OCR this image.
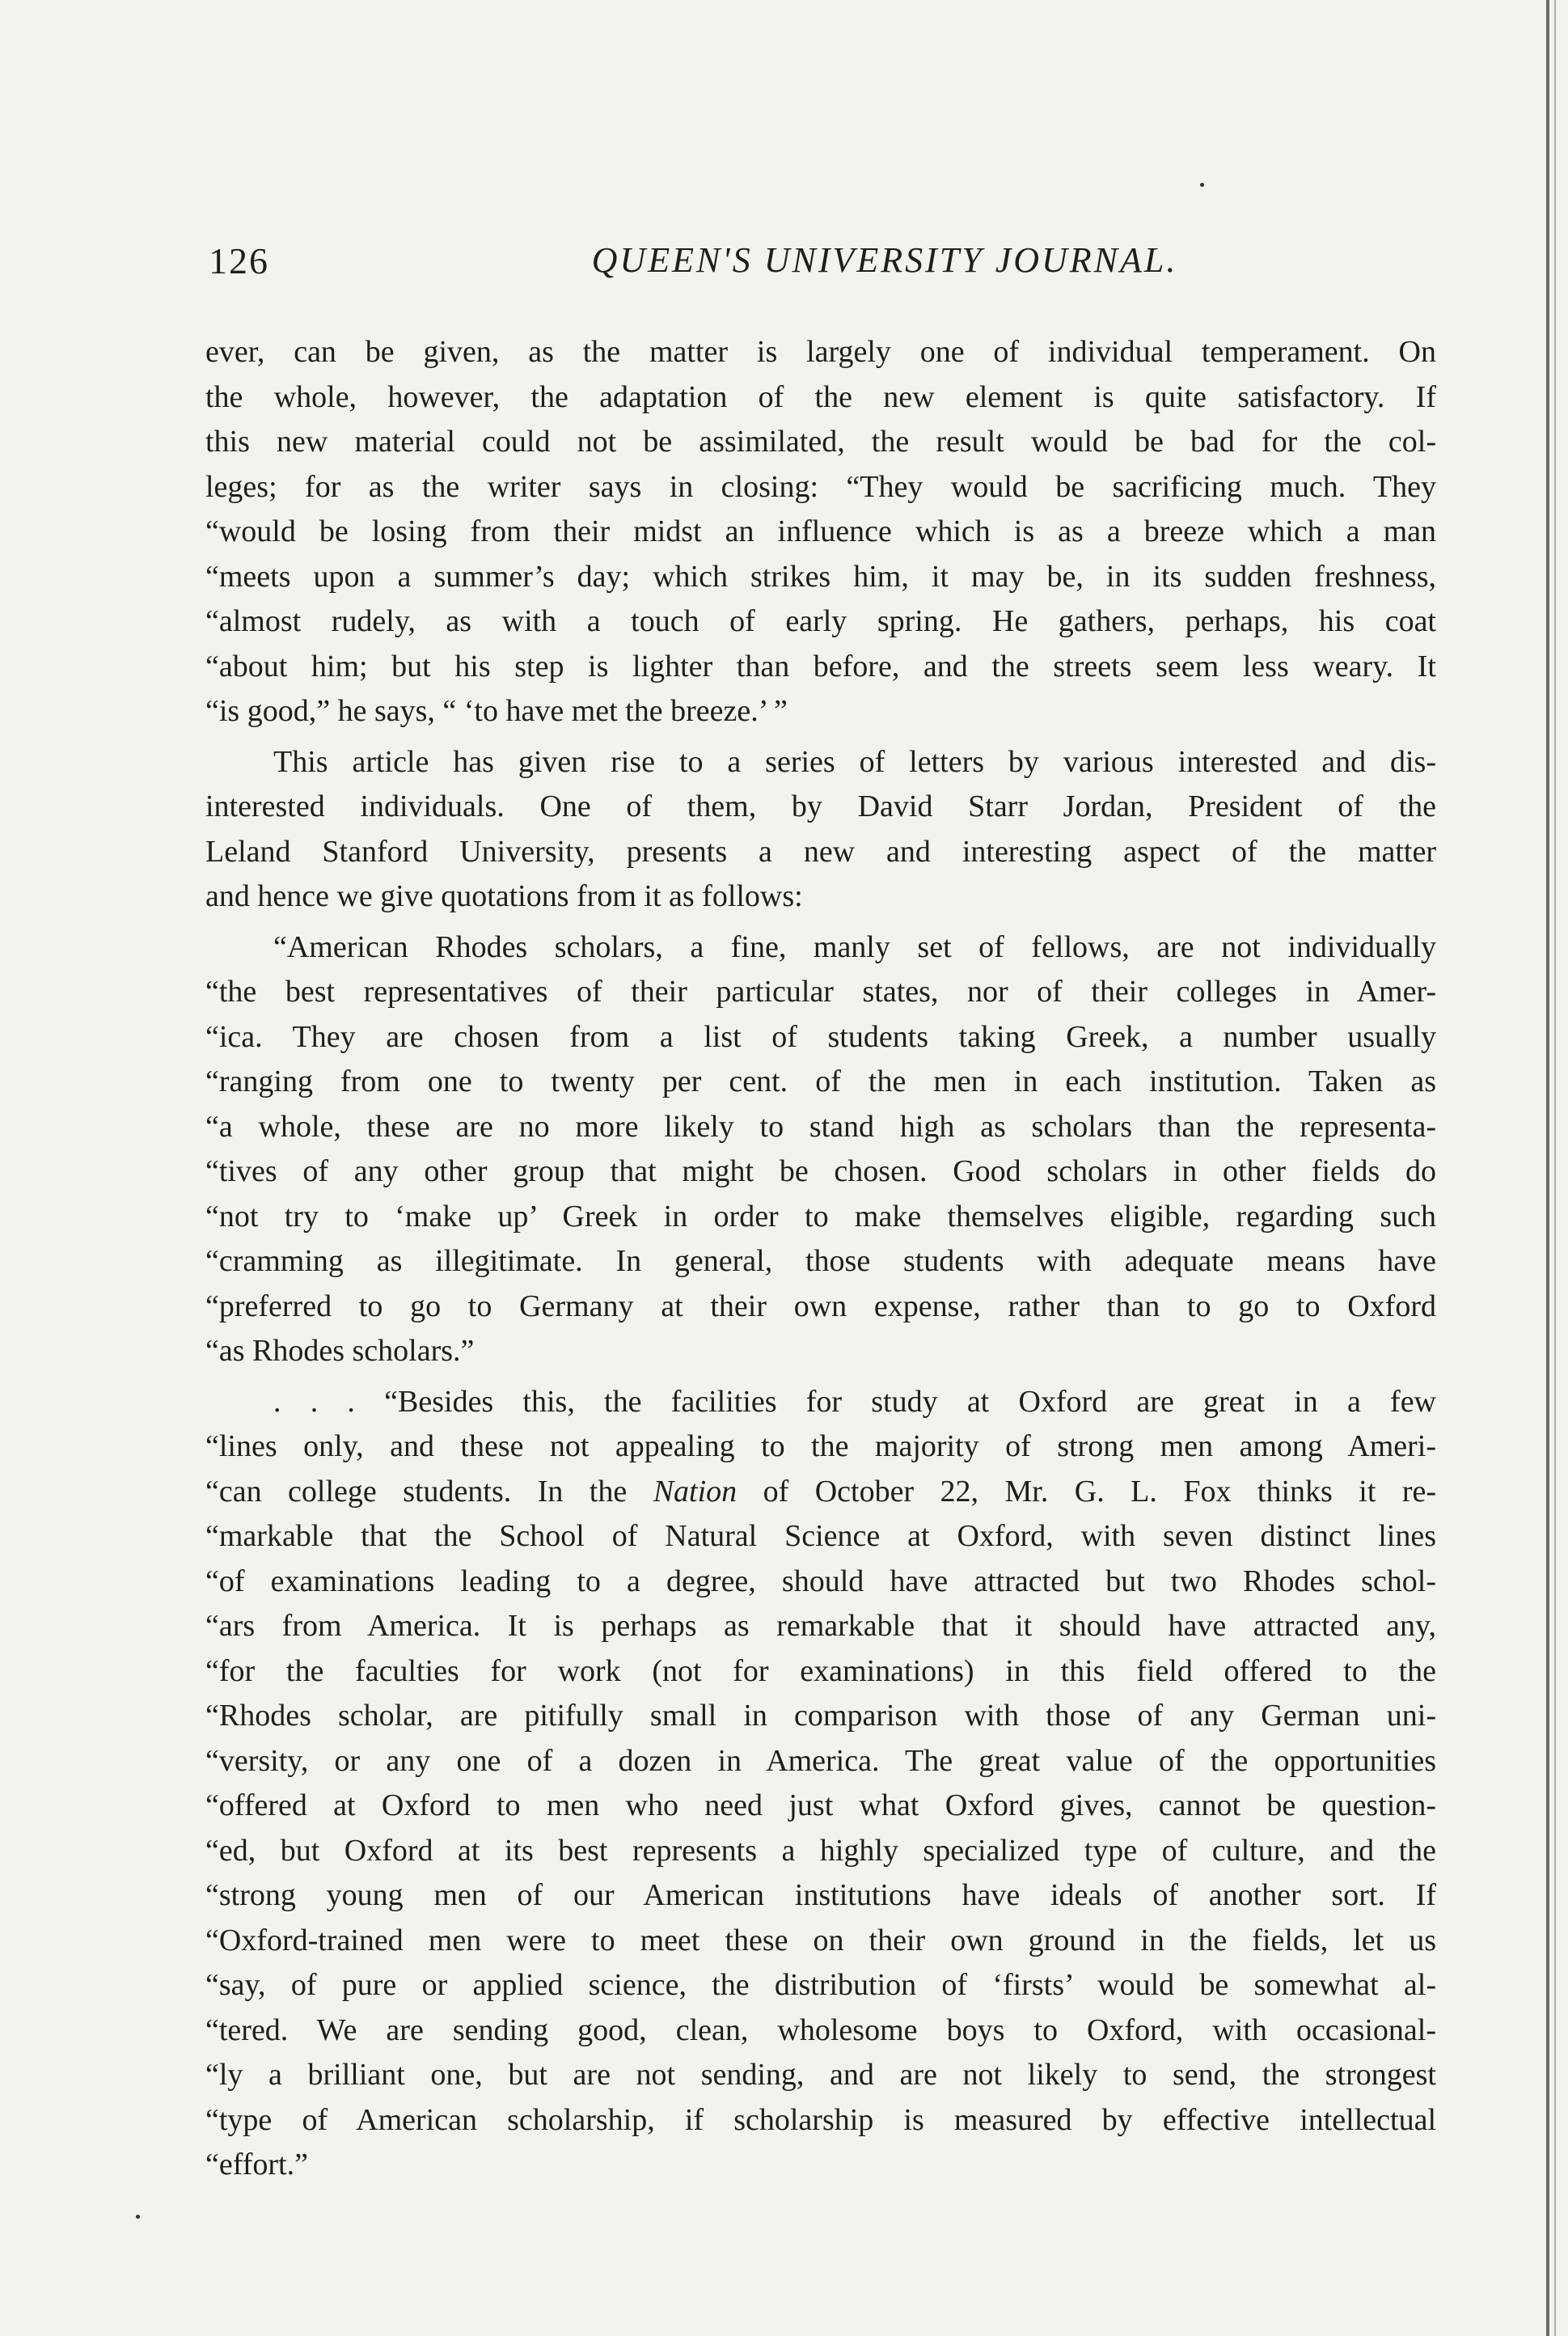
126	QUEEN'S UNIVERSITY JOURNAL.
ever, can be given, as the matter is largely one of individual temperament. On
the whole, however, the adaptation of the new element is quite satisfactory. If
this new material could not be assimilated, the result would be bad for the col-
leges; for as the writer says in closing: “They would be sacrificing much. They
“would be losing from their midst an influence which is as a breeze which a man
“meets upon a summer’s day; which strikes him, it may be, in its sudden freshness,
“almost rudely, as with a touch of early spring. He gathers, perhaps, his coat
“about him; but his step is lighter than before, and the streets seem less weary. It
“is good,” he says, “ ‘to have met the breeze.’ ”
This article has given rise to a series of letters by various interested and dis-
interested individuals. One of them, by David Starr Jordan, President of the
Leland Stanford University, presents a new and interesting aspect of the matter
and hence we give quotations from it as follows:
“American Rhodes scholars, a fine, manly set of fellows, are not individually
“the best representatives of their particular states, nor of their colleges in Amer-
“ica. They are chosen from a list of students taking Greek, a number usually
“ranging from one to twenty per cent. of the men in each institution. Taken as
“a whole, these are no more likely to stand high as scholars than the representa-
“tives of any other group that might be chosen. Good scholars in other fields do
“not try to ‘make up’ Greek in order to make themselves eligible, regarding such
“cramming as illegitimate. In general, those students with adequate means have
“preferred to go to Germany at their own expense, rather than to go to Oxford
“as Rhodes scholars.”
. . . “Besides this, the facilities for study at Oxford are great in a few
“lines only, and these not appealing to the majority of strong men among Ameri-
“can college students. In the Nation of October 22, Mr. G. L. Fox thinks it re-
“markable that the School of Natural Science at Oxford, with seven distinct lines
“of examinations leading to a degree, should have attracted but two Rhodes schol-
“ars from America. It is perhaps as remarkable that it should have attracted any,
“for the faculties for work (not for examinations) in this field offered to the
“Rhodes scholar, are pitifully small in comparison with those of any German uni-
“versity, or any one of a dozen in America. The great value of the opportunities
“offered at Oxford to men who need just what Oxford gives, cannot be question-
“ed, but Oxford at its best represents a highly specialized type of culture, and the
“strong young men of our American institutions have ideals of another sort. If
“Oxford-trained men were to meet these on their own ground in the fields, let us
“say, of pure or applied science, the distribution of ‘firsts’ would be somewhat al-
“tered. We are sending good, clean, wholesome boys to Oxford, with occasional-
“ly a brilliant one, but are not sending, and are not likely to send, the strongest
“type of American scholarship, if scholarship is measured by effective intellectual
“effort.”
